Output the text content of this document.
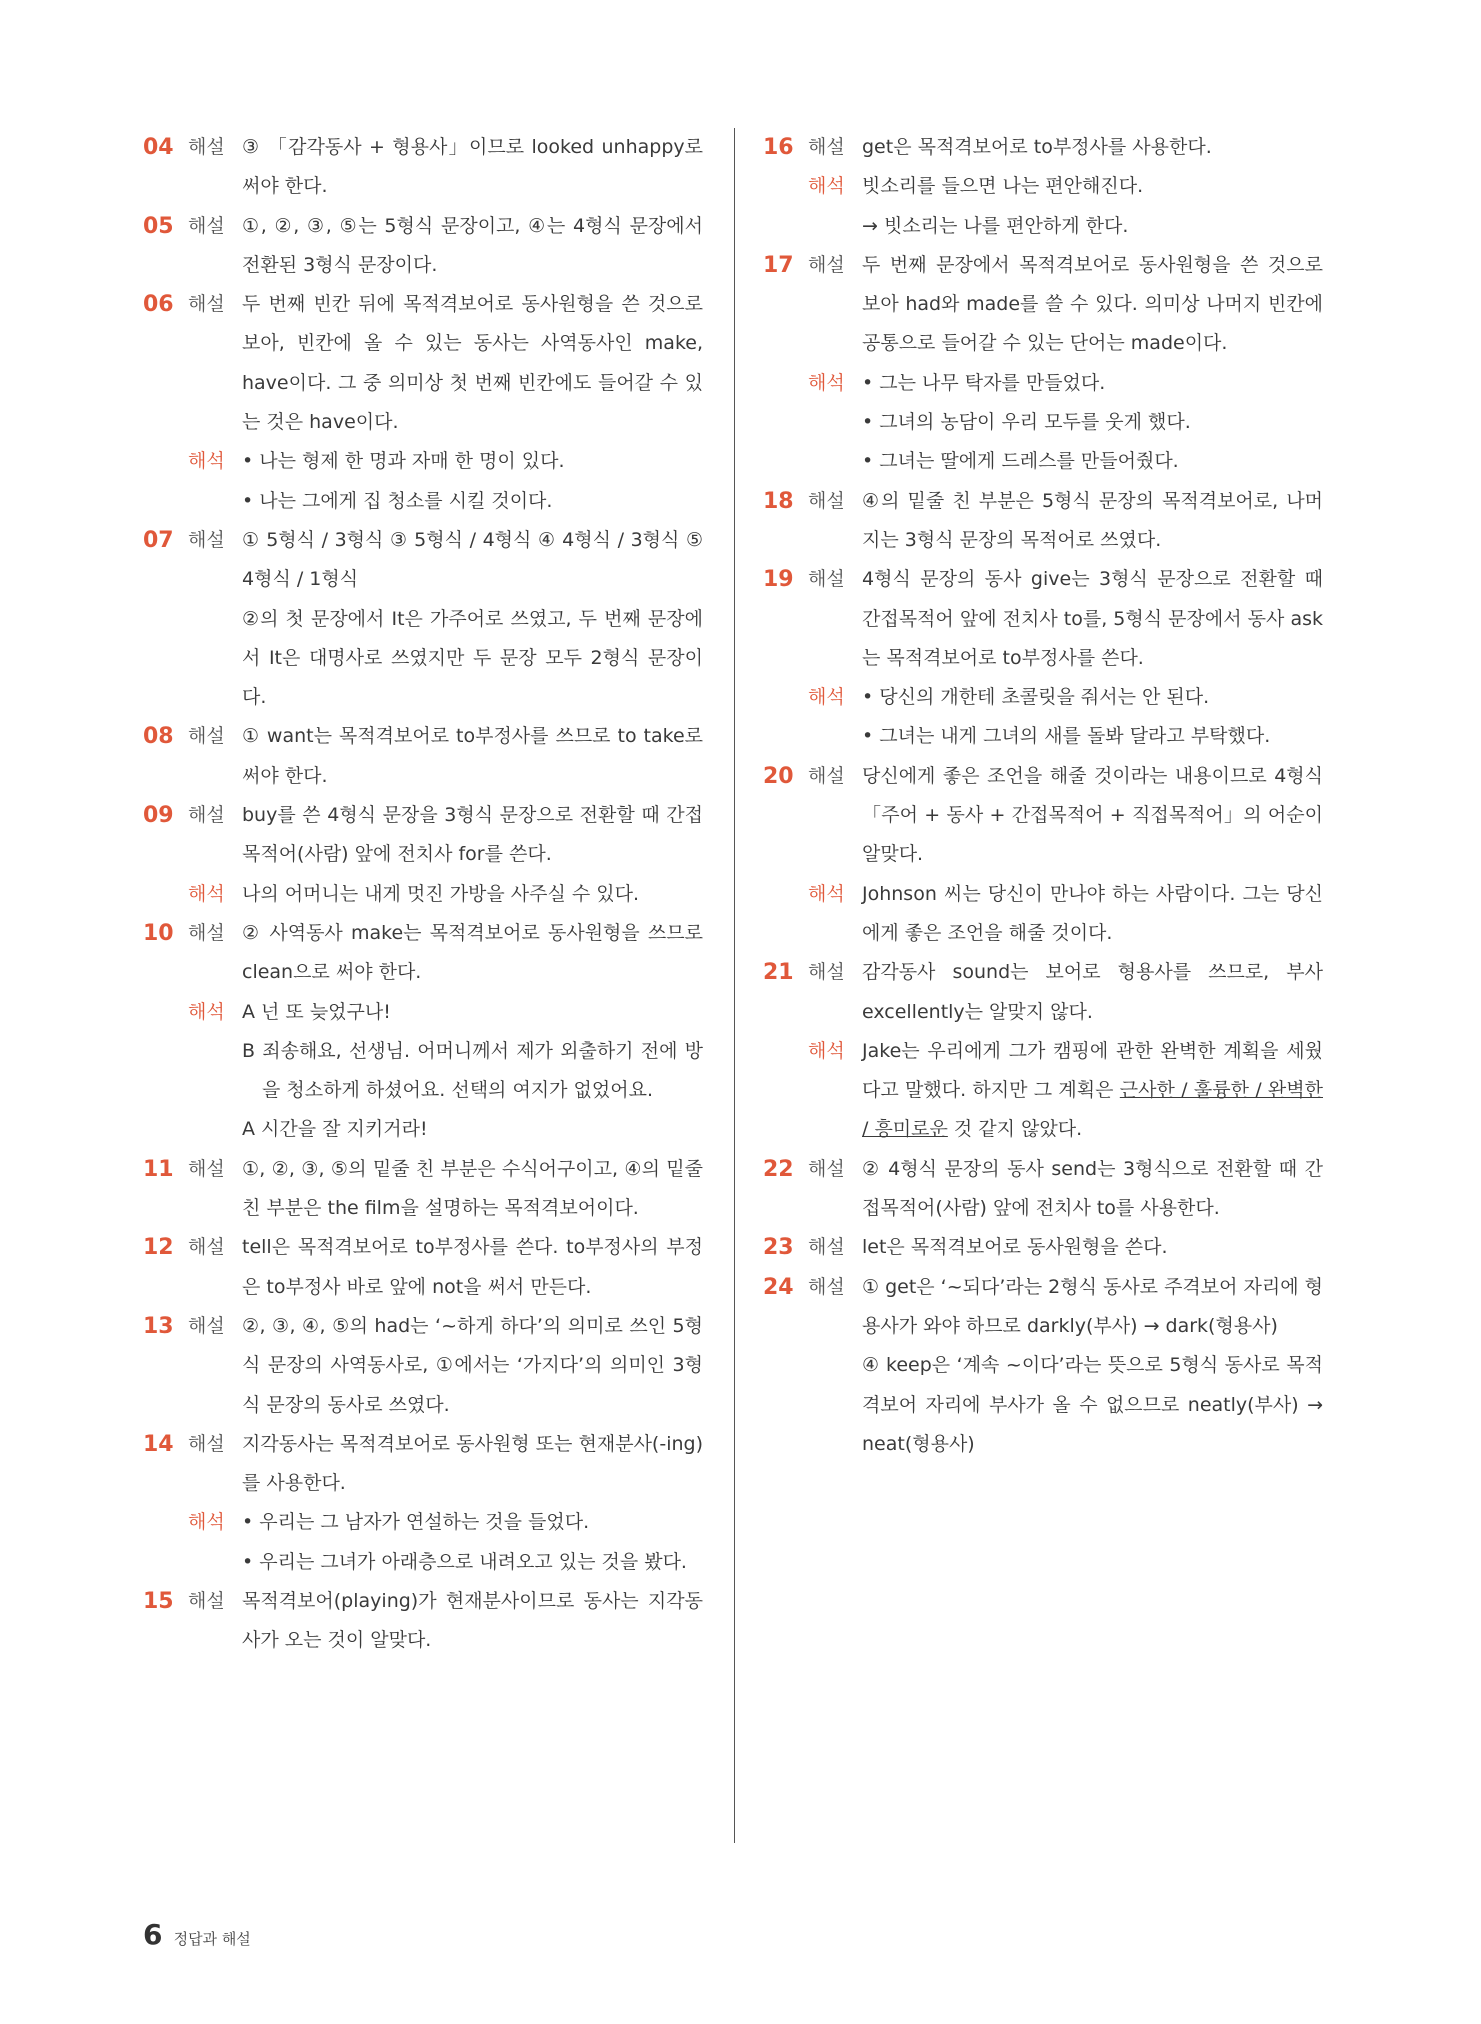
04 해설 ③ 「감각동사 + 형용사」이므로 looked unhappy로 써야 한다.
05 해설 ①, ②, ③, ⑤는 5형식 문장이고, ④는 4형식 문장에서 전환된 3형식 문장이다.
06 해설 두 번째 빈칸 뒤에 목적격보어로 동사원형을 쓴 것으로 보아, 빈칸에 올 수 있는 동사는 사역동사인 make, have이다. 그 중 의미상 첫 번째 빈칸에도 들어갈 수 있는 것은 have이다.
해석 • 나는 형제 한 명과 자매 한 명이 있다.
• 나는 그에게 집 청소를 시킬 것이다.
07 해설 ① 5형식 / 3형식 ③ 5형식 / 4형식 ④ 4형식 / 3형식 ⑤ 4형식 / 1형식
②의 첫 문장에서 It은 가주어로 쓰였고, 두 번째 문장에서 It은 대명사로 쓰였지만 두 문장 모두 2형식 문장이다.
08 해설 ① want는 목적격보어로 to부정사를 쓰므로 to take로 써야 한다.
09 해설 buy를 쓴 4형식 문장을 3형식 문장으로 전환할 때 간접목적어(사람) 앞에 전치사 for를 쓴다.
해석 나의 어머니는 내게 멋진 가방을 사주실 수 있다.
10 해설 ② 사역동사 make는 목적격보어로 동사원형을 쓰므로 clean으로 써야 한다.
해석 A 넌 또 늦었구나!
B 죄송해요, 선생님. 어머니께서 제가 외출하기 전에 방을 청소하게 하셨어요. 선택의 여지가 없었어요.
A 시간을 잘 지키거라!
11 해설 ①, ②, ③, ⑤의 밑줄 친 부분은 수식어구이고, ④의 밑줄 친 부분은 the film을 설명하는 목적격보어이다.
12 해설 tell은 목적격보어로 to부정사를 쓴다. to부정사의 부정은 to부정사 바로 앞에 not을 써서 만든다.
13 해설 ②, ③, ④, ⑤의 had는 ‘~하게 하다’의 의미로 쓰인 5형식 문장의 사역동사로, ①에서는 ‘가지다’의 의미인 3형식 문장의 동사로 쓰였다.
14 해설 지각동사는 목적격보어로 동사원형 또는 현재분사(-ing)를 사용한다.
해석 • 우리는 그 남자가 연설하는 것을 들었다.
• 우리는 그녀가 아래층으로 내려오고 있는 것을 봤다.
15 해설 목적격보어(playing)가 현재분사이므로 동사는 지각동사가 오는 것이 알맞다.
16 해설 get은 목적격보어로 to부정사를 사용한다.
해석 빗소리를 들으면 나는 편안해진다.
→ 빗소리는 나를 편안하게 한다.
17 해설 두 번째 문장에서 목적격보어로 동사원형을 쓴 것으로 보아 had와 made를 쓸 수 있다. 의미상 나머지 빈칸에 공통으로 들어갈 수 있는 단어는 made이다.
해석 • 그는 나무 탁자를 만들었다.
• 그녀의 농담이 우리 모두를 웃게 했다.
• 그녀는 딸에게 드레스를 만들어줬다.
18 해설 ④의 밑줄 친 부분은 5형식 문장의 목적격보어로, 나머지는 3형식 문장의 목적어로 쓰였다.
19 해설 4형식 문장의 동사 give는 3형식 문장으로 전환할 때 간접목적어 앞에 전치사 to를, 5형식 문장에서 동사 ask는 목적격보어로 to부정사를 쓴다.
해석 • 당신의 개한테 초콜릿을 줘서는 안 된다.
• 그녀는 내게 그녀의 새를 돌봐 달라고 부탁했다.
20 해설 당신에게 좋은 조언을 해줄 것이라는 내용이므로 4형식 「주어 + 동사 + 간접목적어 + 직접목적어」의 어순이 알맞다.
해석 Johnson 씨는 당신이 만나야 하는 사람이다. 그는 당신에게 좋은 조언을 해줄 것이다.
21 해설 감각동사 sound는 보어로 형용사를 쓰므로, 부사 excellently는 알맞지 않다.
해석 Jake는 우리에게 그가 캠핑에 관한 완벽한 계획을 세웠다고 말했다. 하지만 그 계획은 근사한 / 훌륭한 / 완벽한 / 흥미로운 것 같지 않았다.
22 해설 ② 4형식 문장의 동사 send는 3형식으로 전환할 때 간접목적어(사람) 앞에 전치사 to를 사용한다.
23 해설 let은 목적격보어로 동사원형을 쓴다.
24 해설 ① get은 ‘~되다’라는 2형식 동사로 주격보어 자리에 형용사가 와야 하므로 darkly(부사) → dark(형용사)
④ keep은 ‘계속 ~이다’라는 뜻으로 5형식 동사로 목적격보어 자리에 부사가 올 수 없으므로 neatly(부사) → neat(형용사)
6 정답과 해설
